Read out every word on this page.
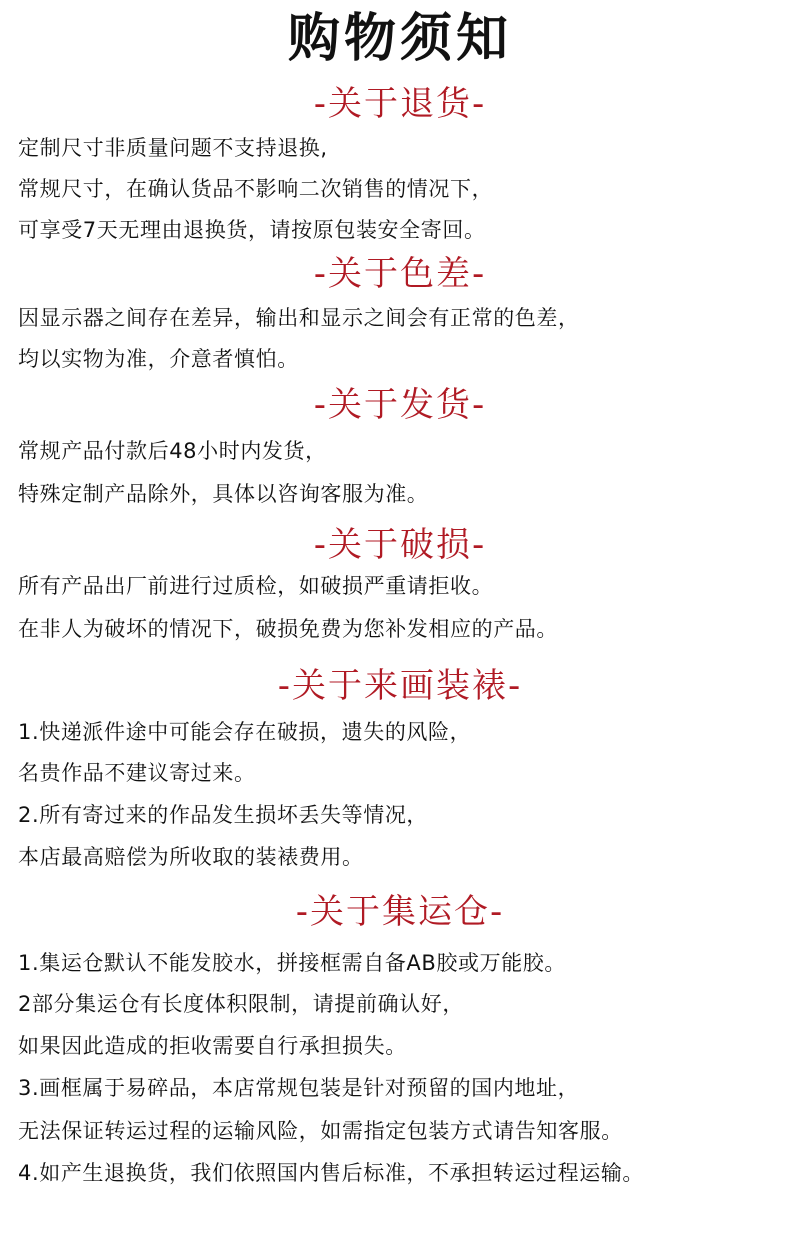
购物须知
-关于退货-
定制尺寸非质量问题不支持退换,
常规尺寸，在确认货品不影响二次销售的情况下，
可享受7天无理由退换货，请按原包装安全寄回。
-关于色差-
因显示器之间存在差异，输出和显示之间会有正常的色差，
均以实物为准，介意者慎怕。
-关于发货-
常规产品付款后48小时内发货，
特殊定制产品除外，具体以咨询客服为准。
-关于破损-
所有产品出厂前进行过质检，如破损严重请拒收。
在非人为破坏的情况下，破损免费为您补发相应的产品。
-关于来画装裱-
1.快递派件途中可能会存在破损，遗失的风险，
名贵作品不建议寄过来。
2.所有寄过来的作品发生损坏丢失等情况，
本店最高赔偿为所收取的装裱费用。
-关于集运仓-
1.集运仓默认不能发胶水，拼接框需自备AB胶或万能胶。
2部分集运仓有长度体积限制，请提前确认好，
如果因此造成的拒收需要自行承担损失。
3.画框属于易碎品，本店常规包装是针对预留的国内地址，
无法保证转运过程的运输风险，如需指定包装方式请告知客服。
4.如产生退换货，我们依照国内售后标准，不承担转运过程运输。
